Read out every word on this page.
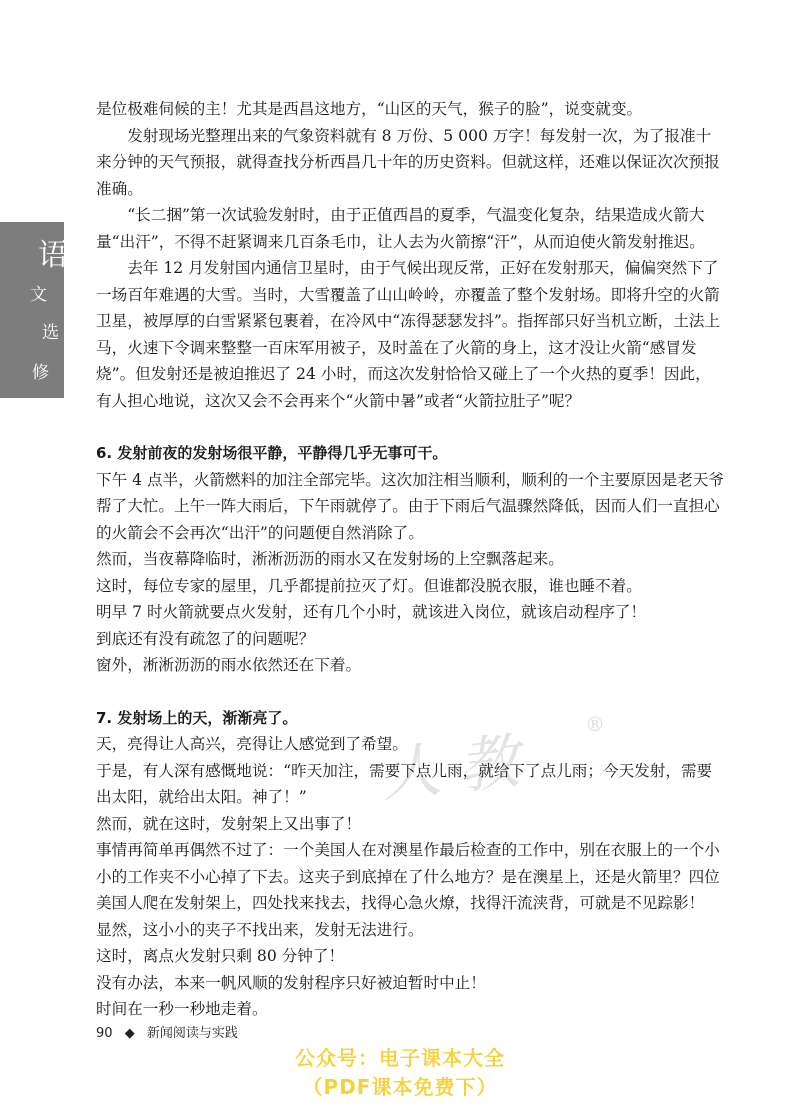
语
文
选
修
人教
®

是位极难伺候的主！尤其是西昌这地方，“山区的天气，猴子的脸”，说变就变。

发射现场光整理出来的气象资料就有 8 万份、5 000 万字！每发射一次，为了报准十来分钟的天气预报，就得查找分析西昌几十年的历史资料。但就这样，还难以保证次次预报准确。

“长二捆”第一次试验发射时，由于正值西昌的夏季，气温变化复杂，结果造成火箭大量“出汗”，不得不赶紧调来几百条毛巾，让人去为火箭擦“汗”，从而迫使火箭发射推迟。

去年 12 月发射国内通信卫星时，由于气候出现反常，正好在发射那天，偏偏突然下了一场百年难遇的大雪。当时，大雪覆盖了山山岭岭，亦覆盖了整个发射场。即将升空的火箭卫星，被厚厚的白雪紧紧包裹着，在冷风中“冻得瑟瑟发抖”。指挥部只好当机立断，土法上马，火速下令调来整整一百床军用被子，及时盖在了火箭的身上，这才没让火箭“感冒发烧”。但发射还是被迫推迟了 24 小时，而这次发射恰恰又碰上了一个火热的夏季！因此，有人担心地说，这次又会不会再来个“火箭中暑”或者“火箭拉肚子”呢？

6. 发射前夜的发射场很平静，平静得几乎无事可干。

下午 4 点半，火箭燃料的加注全部完毕。这次加注相当顺利，顺利的一个主要原因是老天爷帮了大忙。上午一阵大雨后，下午雨就停了。由于下雨后气温骤然降低，因而人们一直担心的火箭会不会再次“出汗”的问题便自然消除了。

然而，当夜幕降临时，淅淅沥沥的雨水又在发射场的上空飘落起来。

这时，每位专家的屋里，几乎都提前拉灭了灯。但谁都没脱衣服，谁也睡不着。

明早 7 时火箭就要点火发射，还有几个小时，就该进入岗位，就该启动程序了！

到底还有没有疏忽了的问题呢？

窗外，淅淅沥沥的雨水依然还在下着。

7. 发射场上的天，渐渐亮了。

天，亮得让人高兴，亮得让人感觉到了希望。

于是，有人深有感慨地说：“昨天加注，需要下点儿雨，就给下了点儿雨；今天发射，需要出太阳，就给出太阳。神了！”

然而，就在这时，发射架上又出事了！

事情再简单再偶然不过了：一个美国人在对澳星作最后检查的工作中，别在衣服上的一个小小的工作夹不小心掉了下去。这夹子到底掉在了什么地方？是在澳星上，还是火箭里？四位美国人爬在发射架上，四处找来找去，找得心急火燎，找得汗流浃背，可就是不见踪影！

显然，这小小的夹子不找出来，发射无法进行。

这时，离点火发射只剩 80 分钟了！

没有办法，本来一帆风顺的发射程序只好被迫暂时中止！

时间在一秒一秒地走着。

90 ◆ 新闻阅读与实践
公众号：电子课本大全
（PDF课本免费下）
